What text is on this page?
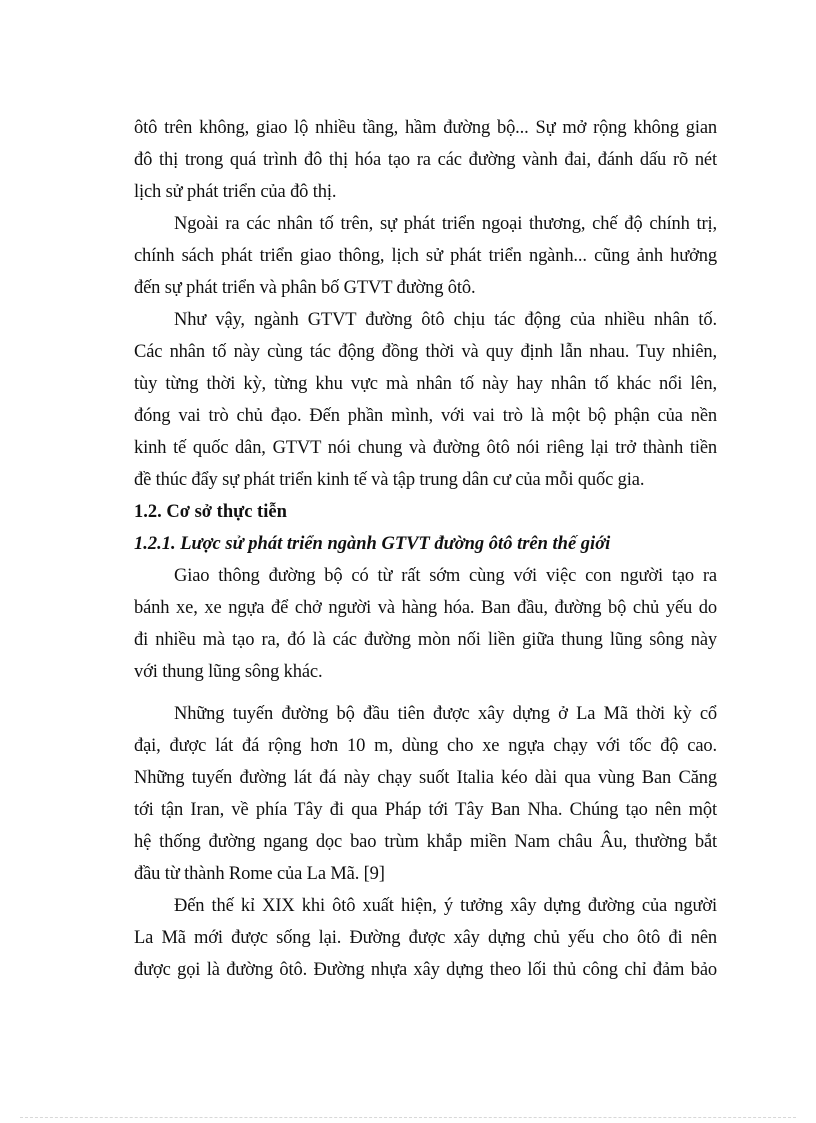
ôtô trên không, giao lộ nhiều tầng, hầm đường bộ... Sự mở rộng không gian
đô thị trong quá trình đô thị hóa tạo ra các đường vành đai, đánh dấu rõ nét
lịch sử phát triển của đô thị.

Ngoài ra các nhân tố trên, sự phát triển ngoại thương, chế độ chính trị,
chính sách phát triển giao thông, lịch sử phát triển ngành... cũng ảnh hưởng
đến sự phát triển và phân bố GTVT đường ôtô.

Như vậy, ngành GTVT đường ôtô chịu tác động của nhiều nhân tố.
Các nhân tố này cùng tác động đồng thời và quy định lẫn nhau. Tuy nhiên,
tùy từng thời kỳ, từng khu vực mà nhân tố này hay nhân tố khác nổi lên,
đóng vai trò chủ đạo. Đến phần mình, với vai trò là một bộ phận của nền
kinh tế quốc dân, GTVT nói chung và đường ôtô nói riêng lại trở thành tiền
đề thúc đẩy sự phát triển kinh tế và tập trung dân cư của mỗi quốc gia.

1.2. Cơ sở thực tiễn
1.2.1. Lược sử phát triển ngành GTVT đường ôtô trên thế giới

Giao thông đường bộ có từ rất sớm cùng với việc con người tạo ra
bánh xe, xe ngựa để chở người và hàng hóa. Ban đầu, đường bộ chủ yếu do
đi nhiều mà tạo ra, đó là các đường mòn nối liền giữa thung lũng sông này
với thung lũng sông khác.

Những tuyến đường bộ đầu tiên được xây dựng ở La Mã thời kỳ cổ
đại, được lát đá rộng hơn 10 m, dùng cho xe ngựa chạy với tốc độ cao.
Những tuyến đường lát đá này chạy suốt Italia kéo dài qua vùng Ban Căng
tới tận Iran, về phía Tây đi qua Pháp tới Tây Ban Nha. Chúng tạo nên một
hệ thống đường ngang dọc bao trùm khắp miền Nam châu Âu, thường bắt
đầu từ thành Rome của La Mã. [9]

Đến thế kỉ XIX khi ôtô xuất hiện, ý tưởng xây dựng đường của người
La Mã mới được sống lại. Đường được xây dựng chủ yếu cho ôtô đi nên
được gọi là đường ôtô. Đường nhựa xây dựng theo lối thủ công chỉ đảm bảo
